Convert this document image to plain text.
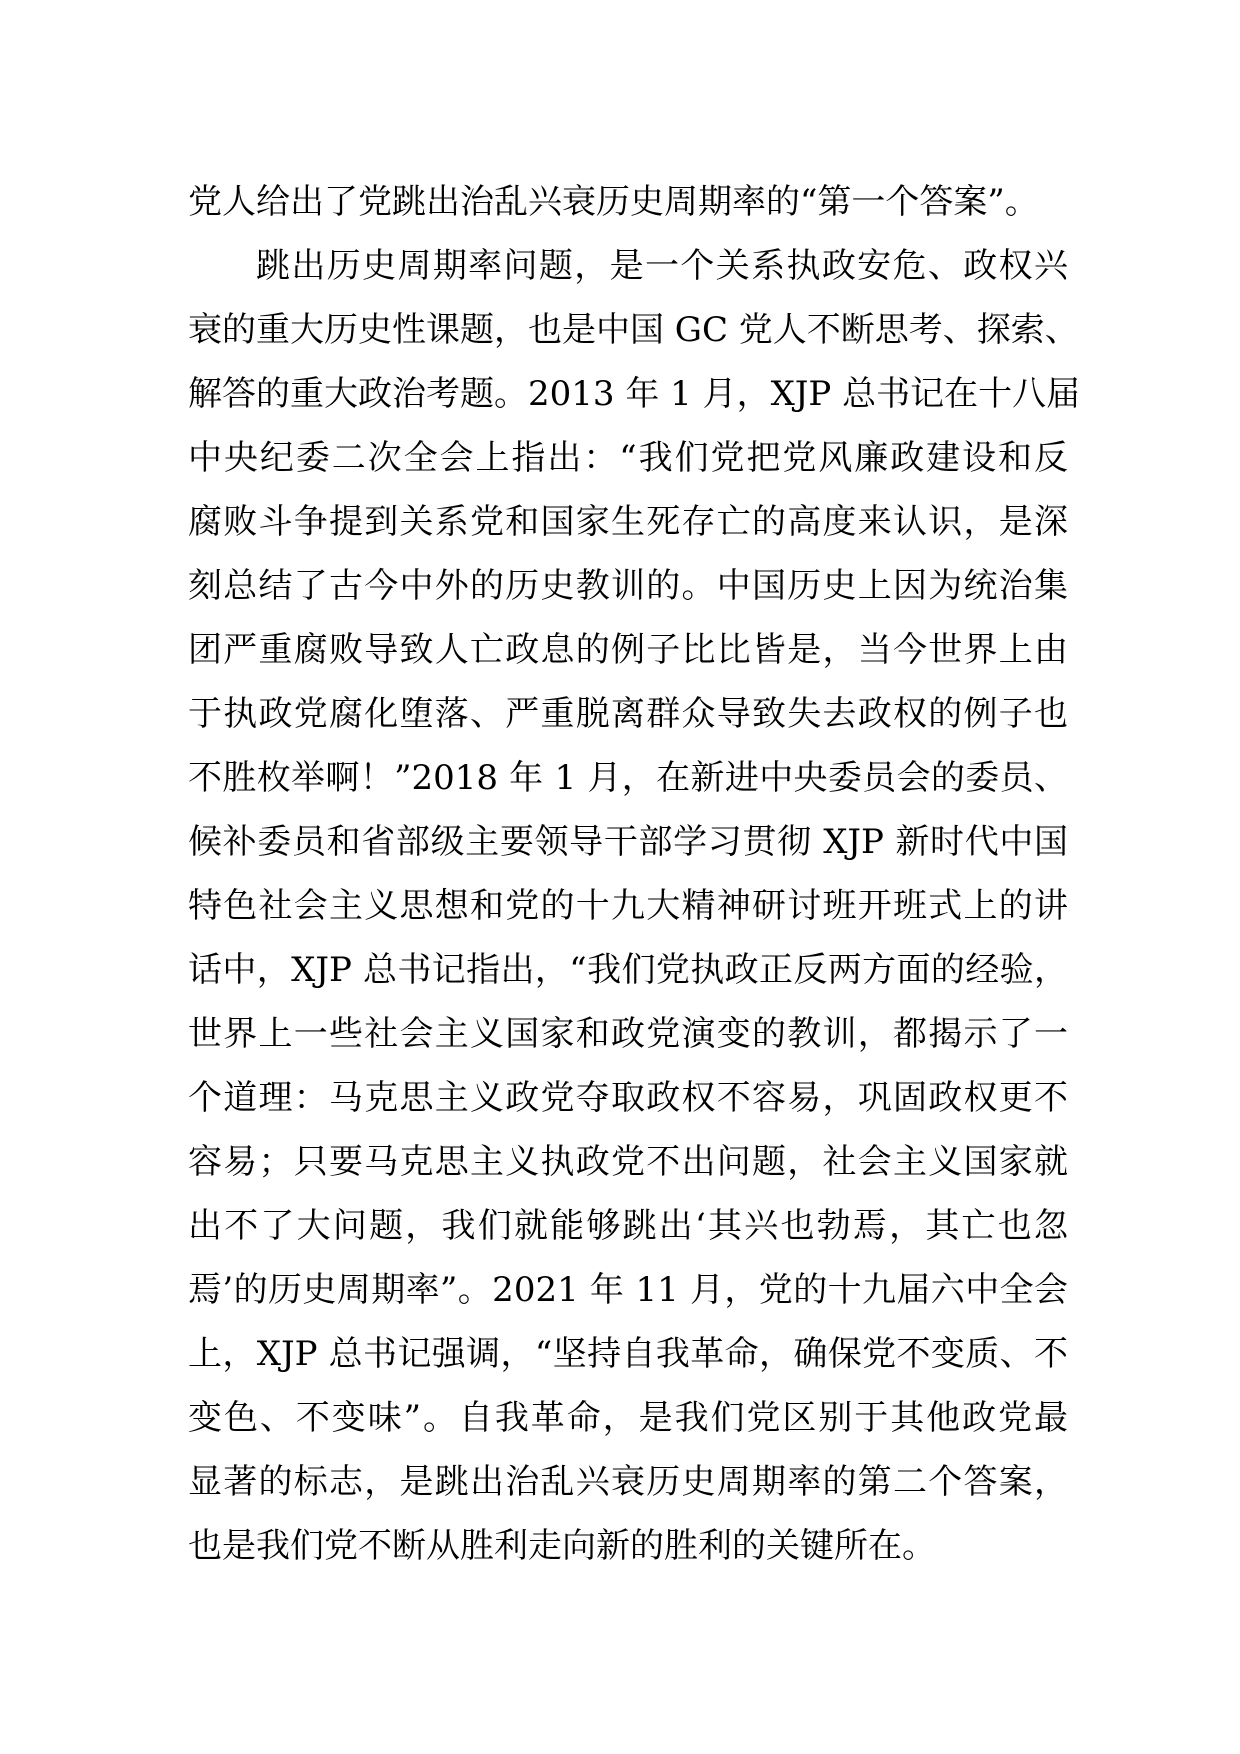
党人给出了党跳出治乱兴衰历史周期率的“第一个答案”。
跳出历史周期率问题，是一个关系执政安危、政权兴
衰的重大历史性课题，也是中国 GC 党人不断思考、探索、
解答的重大政治考题。2013 年 1 月，XJP 总书记在十八届
中央纪委二次全会上指出：“我们党把党风廉政建设和反
腐败斗争提到关系党和国家生死存亡的高度来认识，是深
刻总结了古今中外的历史教训的。中国历史上因为统治集
团严重腐败导致人亡政息的例子比比皆是，当今世界上由
于执政党腐化堕落、严重脱离群众导致失去政权的例子也
不胜枚举啊！”2018 年 1 月，在新进中央委员会的委员、
候补委员和省部级主要领导干部学习贯彻 XJP 新时代中国
特色社会主义思想和党的十九大精神研讨班开班式上的讲
话中，XJP 总书记指出，“我们党执政正反两方面的经验，
世界上一些社会主义国家和政党演变的教训，都揭示了一
个道理：马克思主义政党夺取政权不容易，巩固政权更不
容易；只要马克思主义执政党不出问题，社会主义国家就
出不了大问题，我们就能够跳出‘其兴也勃焉，其亡也忽
焉’的历史周期率”。2021 年 11 月，党的十九届六中全会
上，XJP 总书记强调，“坚持自我革命，确保党不变质、不
变色、不变味”。自我革命，是我们党区别于其他政党最
显著的标志，是跳出治乱兴衰历史周期率的第二个答案，
也是我们党不断从胜利走向新的胜利的关键所在。
